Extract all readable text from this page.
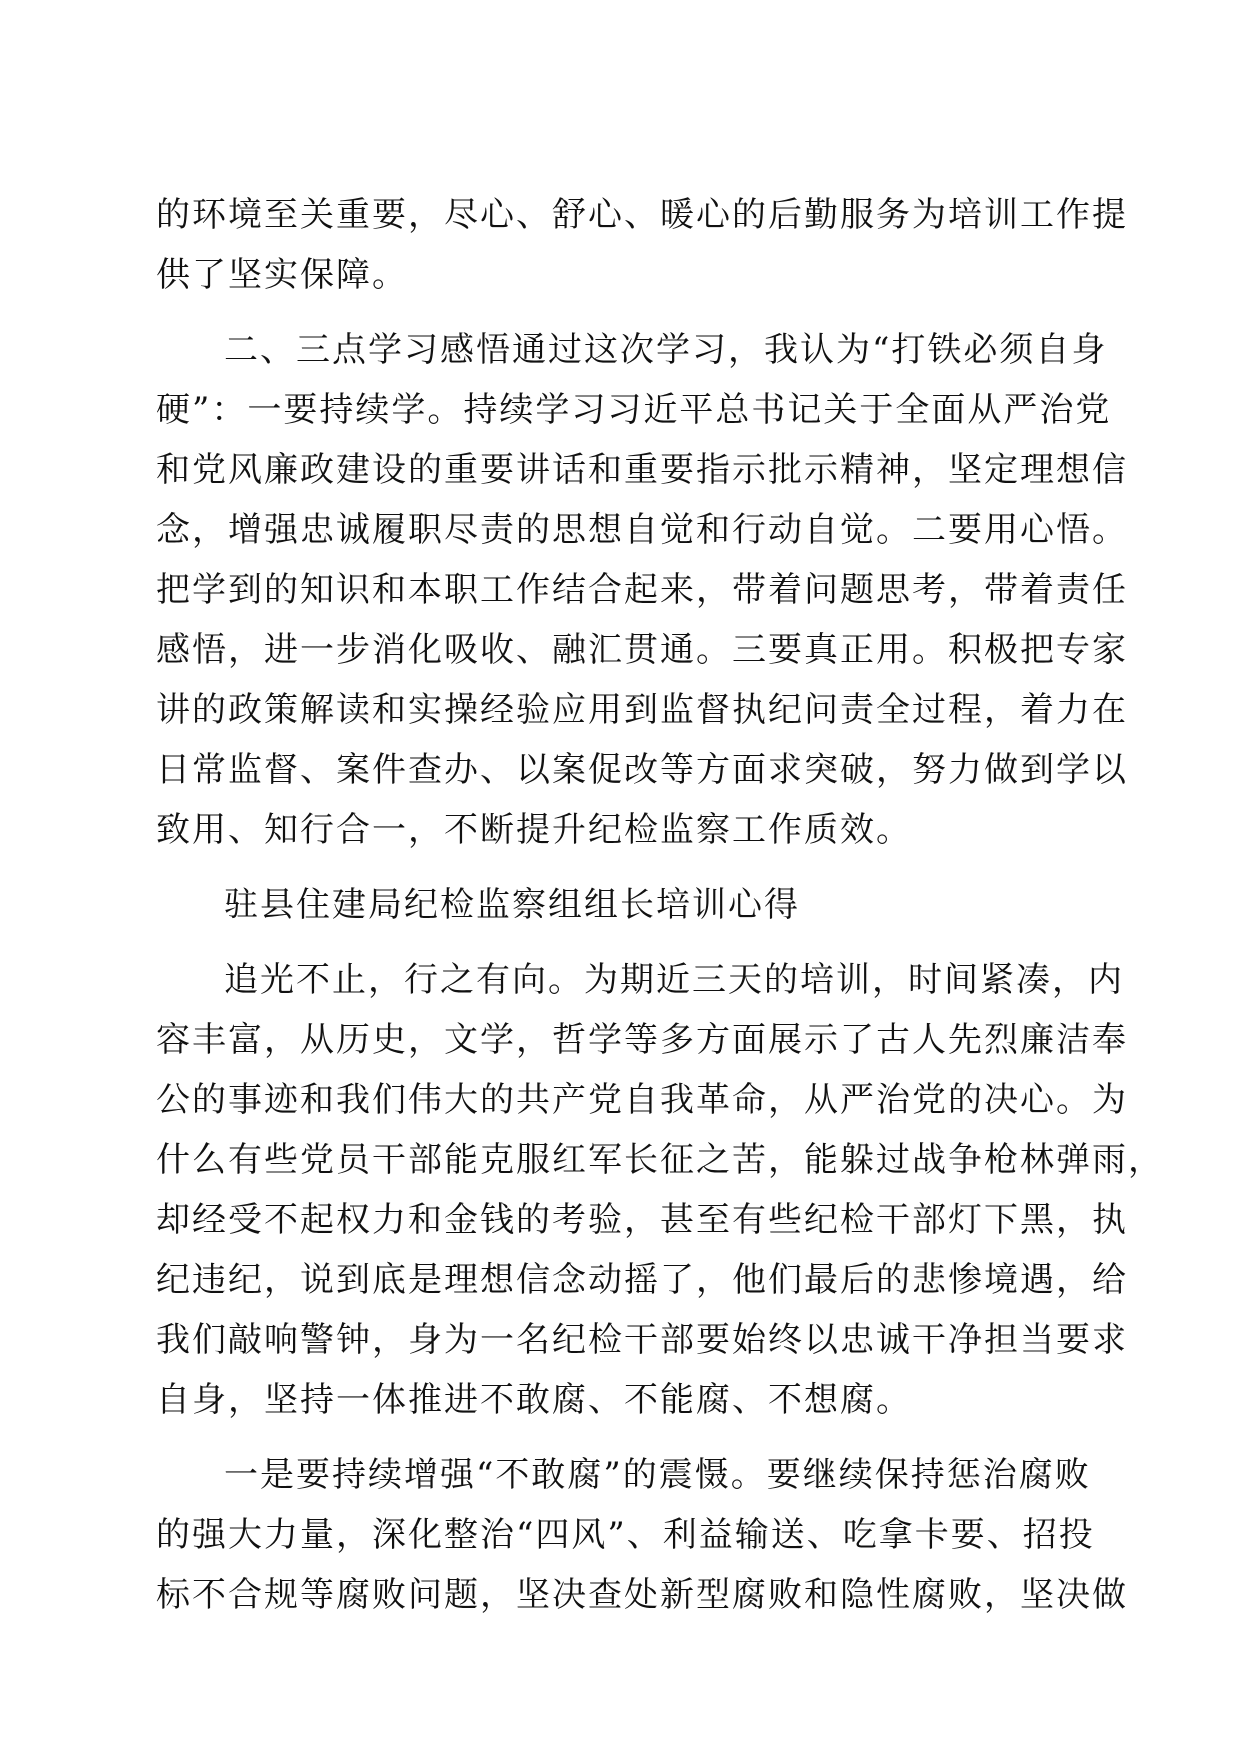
的环境至关重要，尽心、舒心、暖心的后勤服务为培训工作提
供了坚实保障。
二、三点学习感悟通过这次学习，我认为“打铁必须自身
硬”：一要持续学。持续学习习近平总书记关于全面从严治党
和党风廉政建设的重要讲话和重要指示批示精神，坚定理想信
念，增强忠诚履职尽责的思想自觉和行动自觉。二要用心悟。
把学到的知识和本职工作结合起来，带着问题思考，带着责任
感悟，进一步消化吸收、融汇贯通。三要真正用。积极把专家
讲的政策解读和实操经验应用到监督执纪问责全过程，着力在
日常监督、案件查办、以案促改等方面求突破，努力做到学以
致用、知行合一，不断提升纪检监察工作质效。
驻县住建局纪检监察组组长培训心得
追光不止，行之有向。为期近三天的培训，时间紧凑，内
容丰富，从历史，文学，哲学等多方面展示了古人先烈廉洁奉
公的事迹和我们伟大的共产党自我革命，从严治党的决心。为
什么有些党员干部能克服红军长征之苦，能躲过战争枪林弹雨，
却经受不起权力和金钱的考验，甚至有些纪检干部灯下黑，执
纪违纪，说到底是理想信念动摇了，他们最后的悲惨境遇，给
我们敲响警钟，身为一名纪检干部要始终以忠诚干净担当要求
自身，坚持一体推进不敢腐、不能腐、不想腐。
一是要持续增强“不敢腐”的震慑。要继续保持惩治腐败
的强大力量，深化整治“四风”、利益输送、吃拿卡要、招投
标不合规等腐败问题，坚决查处新型腐败和隐性腐败，坚决做
